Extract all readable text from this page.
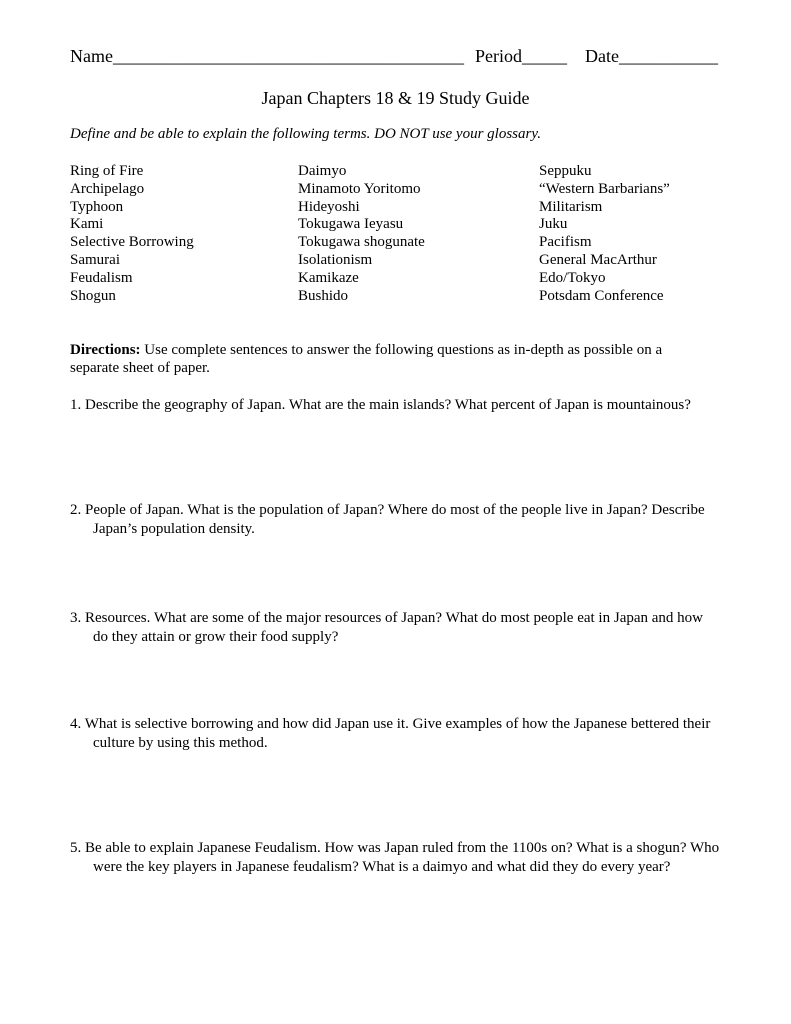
Name_______________________________________ Period_____ Date___________
Japan Chapters 18 & 19 Study Guide
Define and be able to explain the following terms. DO NOT use your glossary.
Ring of Fire
Archipelago
Typhoon
Kami
Selective Borrowing
Samurai
Feudalism
Shogun
Daimyo
Minamoto Yoritomo
Hideyoshi
Tokugawa Ieyasu
Tokugawa shogunate
Isolationism
Kamikaze
Bushido
Seppuku
“Western Barbarians”
Militarism
Juku
Pacifism
General MacArthur
Edo/Tokyo
Potsdam Conference
Directions: Use complete sentences to answer the following questions as in-depth as possible on a separate sheet of paper.
1. Describe the geography of Japan. What are the main islands? What percent of Japan is mountainous?
2. People of Japan. What is the population of Japan? Where do most of the people live in Japan? Describe Japan’s population density.
3. Resources. What are some of the major resources of Japan? What do most people eat in Japan and how do they attain or grow their food supply?
4. What is selective borrowing and how did Japan use it. Give examples of how the Japanese bettered their culture by using this method.
5. Be able to explain Japanese Feudalism. How was Japan ruled from the 1100s on? What is a shogun? Who were the key players in Japanese feudalism? What is a daimyo and what did they do every year?
